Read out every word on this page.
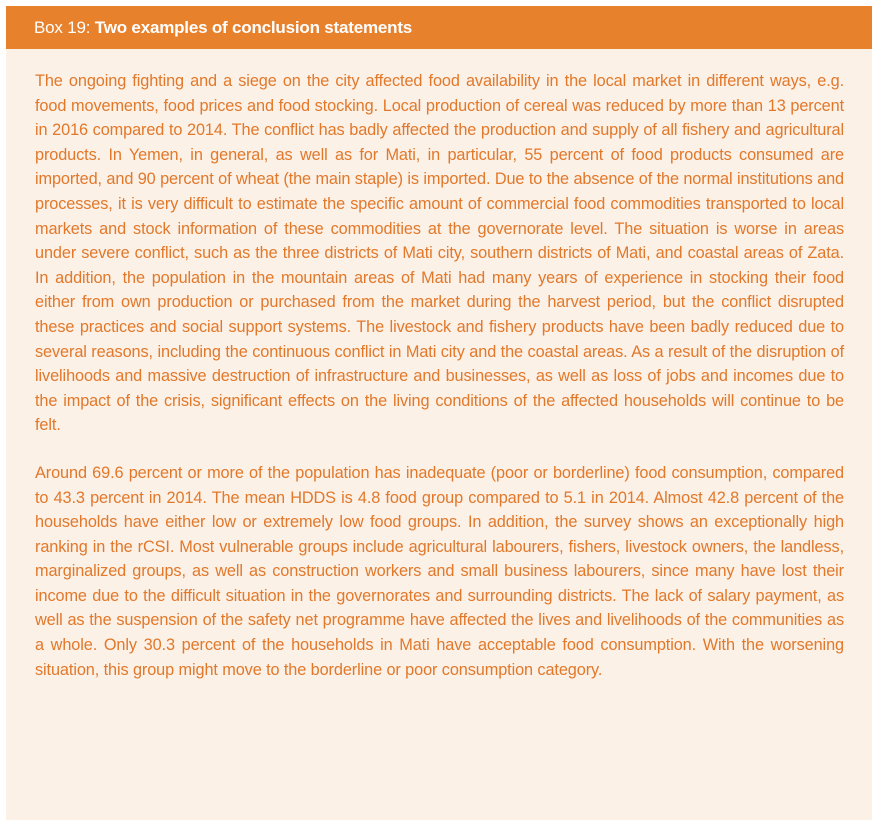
Box 19: Two examples of conclusion statements

The ongoing fighting and a siege on the city affected food availability in the local market in different ways, e.g. food movements, food prices and food stocking. Local production of cereal was reduced by more than 13 percent in 2016 compared to 2014. The conflict has badly affected the production and supply of all fishery and agricultural products. In Yemen, in general, as well as for Mati, in particular, 55 percent of food products consumed are imported, and 90 percent of wheat (the main staple) is imported. Due to the absence of the normal institutions and processes, it is very difficult to estimate the specific amount of commercial food commodities transported to local markets and stock information of these commodities at the governorate level. The situation is worse in areas under severe conflict, such as the three districts of Mati city, southern districts of Mati, and coastal areas of Zata. In addition, the population in the mountain areas of Mati had many years of experience in stocking their food either from own production or purchased from the market during the harvest period, but the conflict disrupted these practices and social support systems. The livestock and fishery products have been badly reduced due to several reasons, including the continuous conflict in Mati city and the coastal areas. As a result of the disruption of livelihoods and massive destruction of infrastructure and businesses, as well as loss of jobs and incomes due to the impact of the crisis, significant effects on the living conditions of the affected households will continue to be felt.

Around 69.6 percent or more of the population has inadequate (poor or borderline) food consumption, compared to 43.3 percent in 2014. The mean HDDS is 4.8 food group compared to 5.1 in 2014. Almost 42.8 percent of the households have either low or extremely low food groups. In addition, the survey shows an exceptionally high ranking in the rCSI. Most vulnerable groups include agricultural labourers, fishers, livestock owners, the landless, marginalized groups, as well as construction workers and small business labourers, since many have lost their income due to the difficult situation in the governorates and surrounding districts. The lack of salary payment, as well as the suspension of the safety net programme have affected the lives and livelihoods of the communities as a whole. Only 30.3 percent of the households in Mati have acceptable food consumption. With the worsening situation, this group might move to the borderline or poor consumption category.
